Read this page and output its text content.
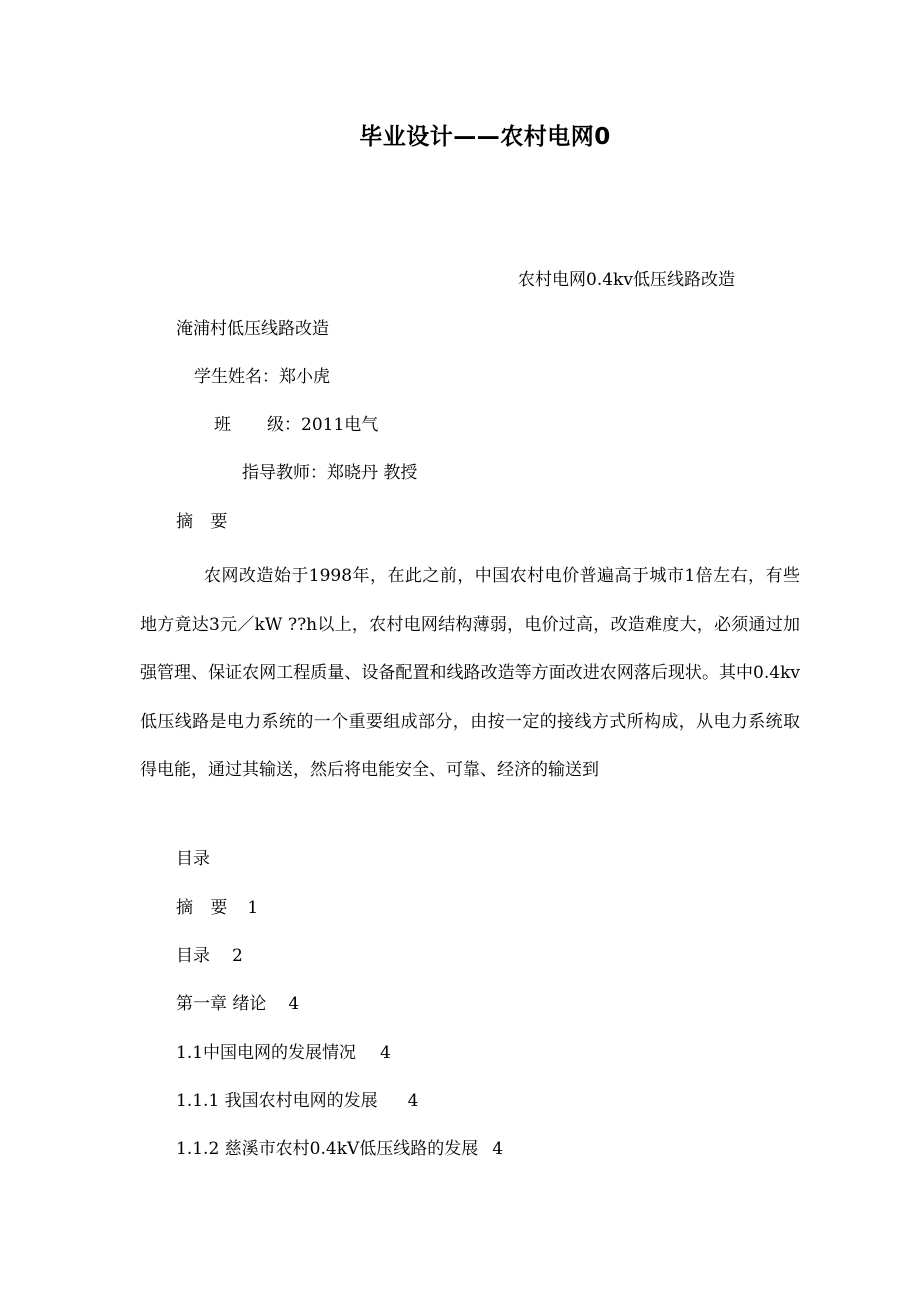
毕业设计——农村电网0
农村电网0.4kv低压线路改造
淹浦村低压线路改造
学生姓名：郑小虎
班 级：2011电气
指导教师：郑晓丹 教授
摘 要

农网改造始于1998年，在此之前，中国农村电价普遍高于城市1倍左右，有些地方竟达3元／kW ??h以上，农村电网结构薄弱，电价过高，改造难度大，必须通过加强管理、保证农网工程质量、设备配置和线路改造等方面改进农网落后现状。其中0.4kv低压线路是电力系统的一个重要组成部分，由按一定的接线方式所构成，从电力系统取得电能，通过其输送，然后将电能安全、可靠、经济的输送到

目录
摘 要 1
目录 2
第一章 绪论 4
1.1中国电网的发展情况 4
1.1.1 我国农村电网的发展 4
1.1.2 慈溪市农村0.4kV低压线路的发展 4
